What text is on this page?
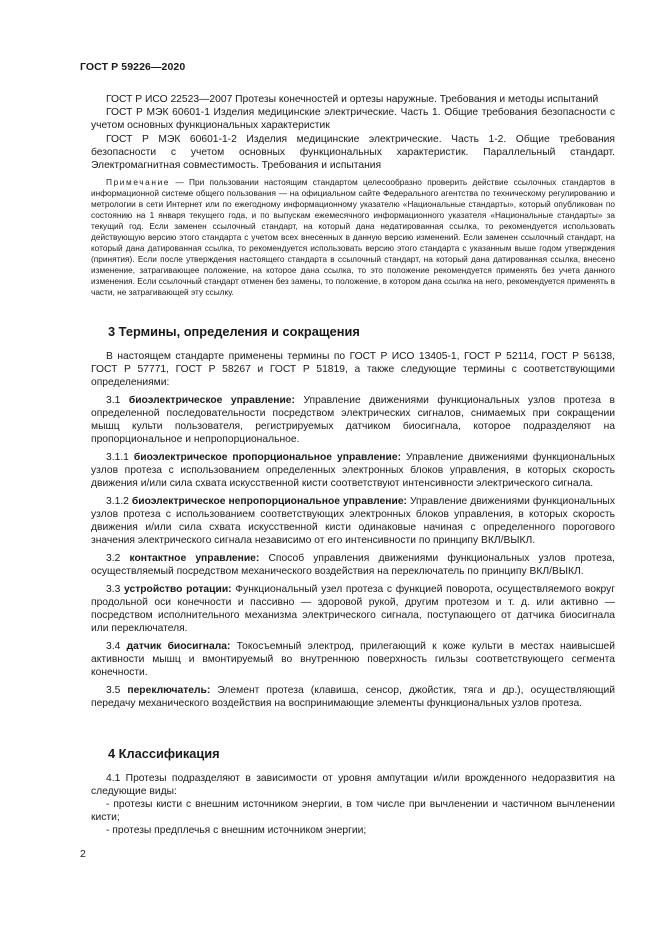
ГОСТ Р 59226—2020

ГОСТ Р ИСО 22523—2007 Протезы конечностей и ортезы наружные. Требования и методы испытаний

ГОСТ Р МЭК 60601-1 Изделия медицинские электрические. Часть 1. Общие требования безопасности с учетом основных функциональных характеристик

ГОСТ Р МЭК 60601-1-2 Изделия медицинские электрические. Часть 1-2. Общие требования безопасности с учетом основных функциональных характеристик. Параллельный стандарт. Электромагнитная совместимость. Требования и испытания

Примечание — При пользовании настоящим стандартом целесообразно проверить действие ссылочных стандартов в информационной системе общего пользования — на официальном сайте Федерального агентства по техническому регулированию и метрологии в сети Интернет или по ежегодному информационному указателю «Национальные стандарты», который опубликован по состоянию на 1 января текущего года, и по выпускам ежемесячного информационного указателя «Национальные стандарты» за текущий год. Если заменен ссылочный стандарт, на который дана недатированная ссылка, то рекомендуется использовать действующую версию этого стандарта с учетом всех внесенных в данную версию изменений. Если заменен ссылочный стандарт, на который дана датированная ссылка, то рекомендуется использовать версию этого стандарта с указанным выше годом утверждения (принятия). Если после утверждения настоящего стандарта в ссылочный стандарт, на который дана датированная ссылка, внесено изменение, затрагивающее положение, на которое дана ссылка, то это положение рекомендуется применять без учета данного изменения. Если ссылочный стандарт отменен без замены, то положение, в котором дана ссылка на него, рекомендуется применять в части, не затрагивающей эту ссылку.

3 Термины, определения и сокращения

В настоящем стандарте применены термины по ГОСТ Р ИСО 13405-1, ГОСТ Р 52114, ГОСТ Р 56138, ГОСТ Р 57771, ГОСТ Р 58267 и ГОСТ Р 51819, а также следующие термины с соответствующими определениями:

3.1 биоэлектрическое управление: Управление движениями функциональных узлов протеза в определенной последовательности посредством электрических сигналов, снимаемых при сокращении мышц культи пользователя, регистрируемых датчиком биосигнала, которое подразделяют на пропорциональное и непропорциональное.

3.1.1 биоэлектрическое пропорциональное управление: Управление движениями функциональных узлов протеза с использованием определенных электронных блоков управления, в которых скорость движения и/или сила схвата искусственной кисти соответствуют интенсивности электрического сигнала.

3.1.2 биоэлектрическое непропорциональное управление: Управление движениями функциональных узлов протеза с использованием соответствующих электронных блоков управления, в которых скорость движения и/или сила схвата искусственной кисти одинаковые начиная с определенного порогового значения электрического сигнала независимо от его интенсивности по принципу ВКЛ/ВЫКЛ.

3.2 контактное управление: Способ управления движениями функциональных узлов протеза, осуществляемый посредством механического воздействия на переключатель по принципу ВКЛ/ВЫКЛ.

3.3 устройство ротации: Функциональный узел протеза с функцией поворота, осуществляемого вокруг продольной оси конечности и пассивно — здоровой рукой, другим протезом и т. д. или активно — посредством исполнительного механизма электрического сигнала, поступающего от датчика биосигнала или переключателя.

3.4 датчик биосигнала: Токосъемный электрод, прилегающий к коже культи в местах наивысшей активности мышц и вмонтируемый во внутреннюю поверхность гильзы соответствующего сегмента конечности.

3.5 переключатель: Элемент протеза (клавиша, сенсор, джойстик, тяга и др.), осуществляющий передачу механического воздействия на воспринимающие элементы функциональных узлов протеза.

4 Классификация

4.1 Протезы подразделяют в зависимости от уровня ампутации и/или врожденного недоразвития на следующие виды:

- протезы кисти с внешним источником энергии, в том числе при вычленении и частичном вычленении кисти;

- протезы предплечья с внешним источником энергии;

2
